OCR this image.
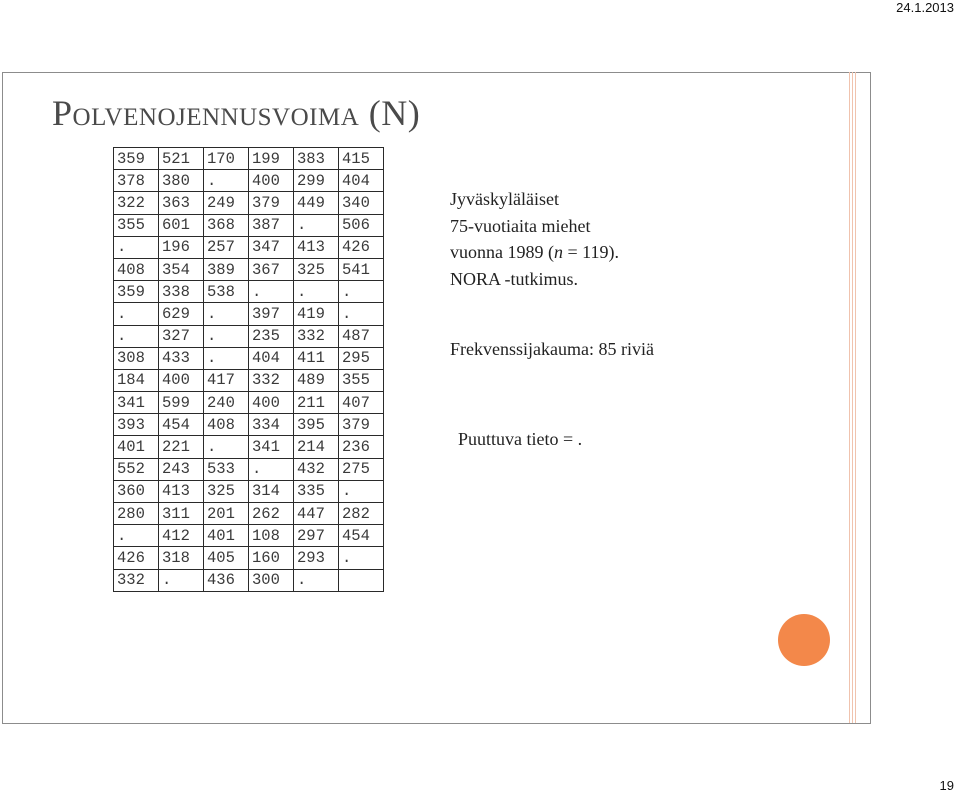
24.1.2013
POLVENOJENNUSVOIMA (N)
359	521	170	199	383	415
378	380	.	400	299	404
322	363	249	379	449	340
355	601	368	387	.	506
.	196	257	347	413	426
408	354	389	367	325	541
359	338	538	.	.	.
.	629	.	397	419	.
.	327	.	235	332	487
308	433	.	404	411	295
184	400	417	332	489	355
341	599	240	400	211	407
393	454	408	334	395	379
401	221	.	341	214	236
552	243	533	.	432	275
360	413	325	314	335	.
280	311	201	262	447	282
.	412	401	108	297	454
426	318	405	160	293	.
332	.	436	300	.	
Jyväskyläläiset
75-vuotiaita miehet
vuonna 1989 (n = 119).
NORA -tutkimus.
Frekvenssijakauma: 85 riviä
Puuttuva tieto = .
19
